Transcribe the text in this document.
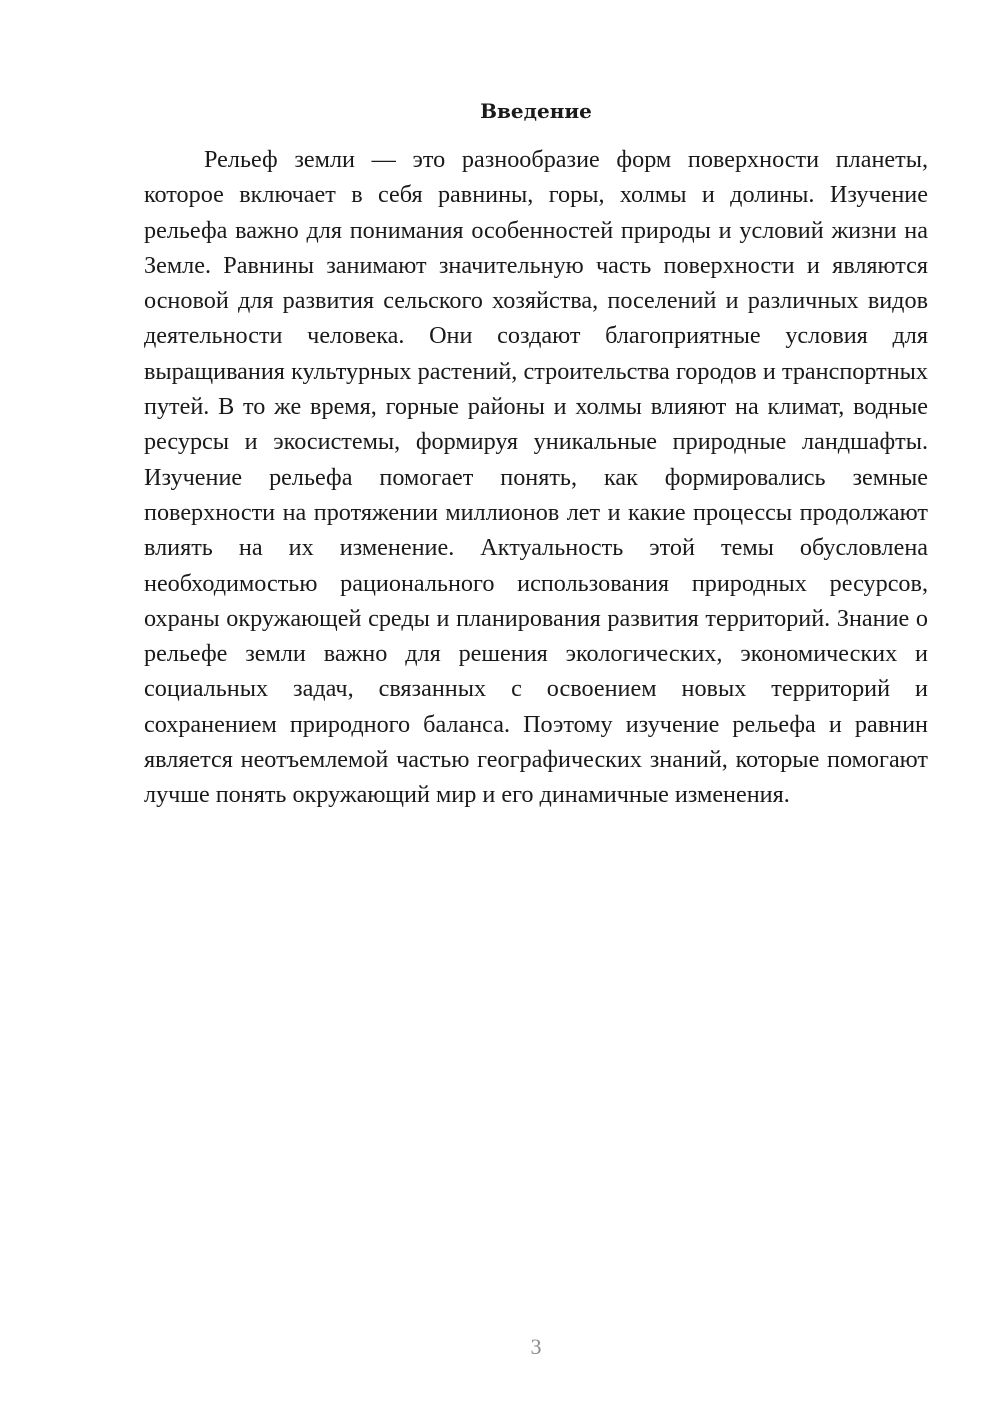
Введение

Рельеф земли — это разнообразие форм поверхности планеты, которое включает в себя равнины, горы, холмы и долины. Изучение рельефа важно для понимания особенностей природы и условий жизни на Земле. Равнины занимают значительную часть поверхности и являются основой для развития сельского хозяйства, поселений и различных видов деятельности человека. Они создают благоприятные условия для выращивания культурных растений, строительства городов и транспортных путей. В то же время, горные районы и холмы влияют на климат, водные ресурсы и экосистемы, формируя уникальные природные ландшафты. Изучение рельефа помогает понять, как формировались земные поверхности на протяжении миллионов лет и какие процессы продолжают влиять на их изменение. Актуальность этой темы обусловлена необходимостью рационального использования природных ресурсов, охраны окружающей среды и планирования развития территорий. Знание о рельефе земли важно для решения экологических, экономических и социальных задач, связанных с освоением новых территорий и сохранением природного баланса. Поэтому изучение рельефа и равнин является неотъемлемой частью географических знаний, которые помогают лучше понять окружающий мир и его динамичные изменения.

3
